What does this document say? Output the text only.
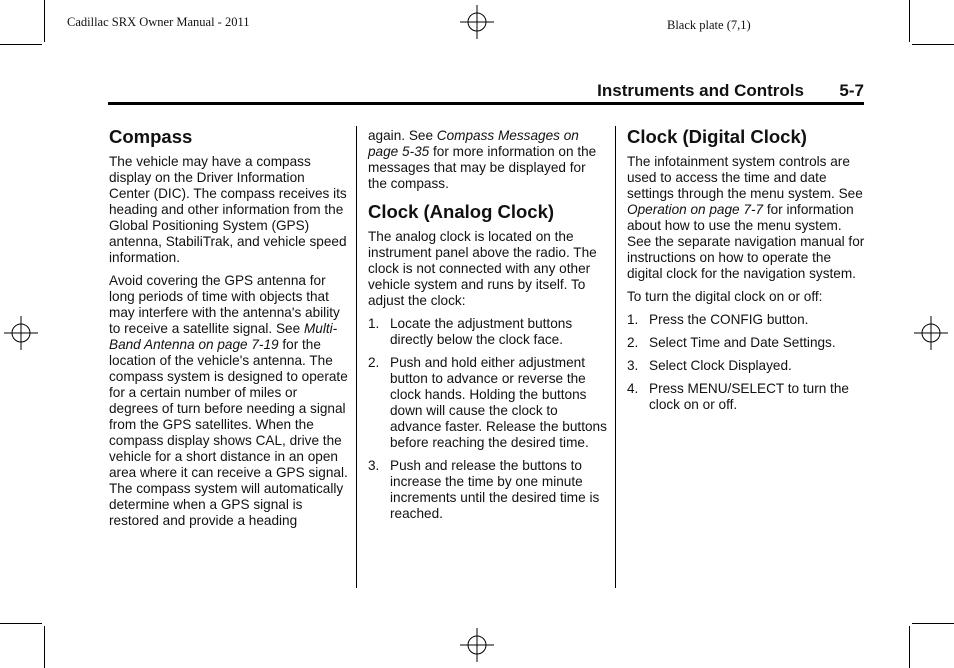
Cadillac SRX Owner Manual - 2011	Black plate (7,1)
Instruments and Controls 5-7
Compass

The vehicle may have a compass display on the Driver Information Center (DIC). The compass receives its heading and other information from the Global Positioning System (GPS) antenna, StabiliTrak, and vehicle speed information.

Avoid covering the GPS antenna for long periods of time with objects that may interfere with the antenna's ability to receive a satellite signal. See Multi-Band Antenna on page 7-19 for the location of the vehicle's antenna. The compass system is designed to operate for a certain number of miles or degrees of turn before needing a signal from the GPS satellites. When the compass display shows CAL, drive the vehicle for a short distance in an open area where it can receive a GPS signal. The compass system will automatically determine when a GPS signal is restored and provide a heading

again. See Compass Messages on page 5-35 for more information on the messages that may be displayed for the compass.

Clock (Analog Clock)

The analog clock is located on the instrument panel above the radio. The clock is not connected with any other vehicle system and runs by itself. To adjust the clock:

1. Locate the adjustment buttons directly below the clock face.
2. Push and hold either adjustment button to advance or reverse the clock hands. Holding the buttons down will cause the clock to advance faster. Release the buttons before reaching the desired time.
3. Push and release the buttons to increase the time by one minute increments until the desired time is reached.
Clock (Digital Clock)

The infotainment system controls are used to access the time and date settings through the menu system. See Operation on page 7-7 for information about how to use the menu system. See the separate navigation manual for instructions on how to operate the digital clock for the navigation system.

To turn the digital clock on or off:

1. Press the CONFIG button.
2. Select Time and Date Settings.
3. Select Clock Displayed.
4. Press MENU/SELECT to turn the clock on or off.
